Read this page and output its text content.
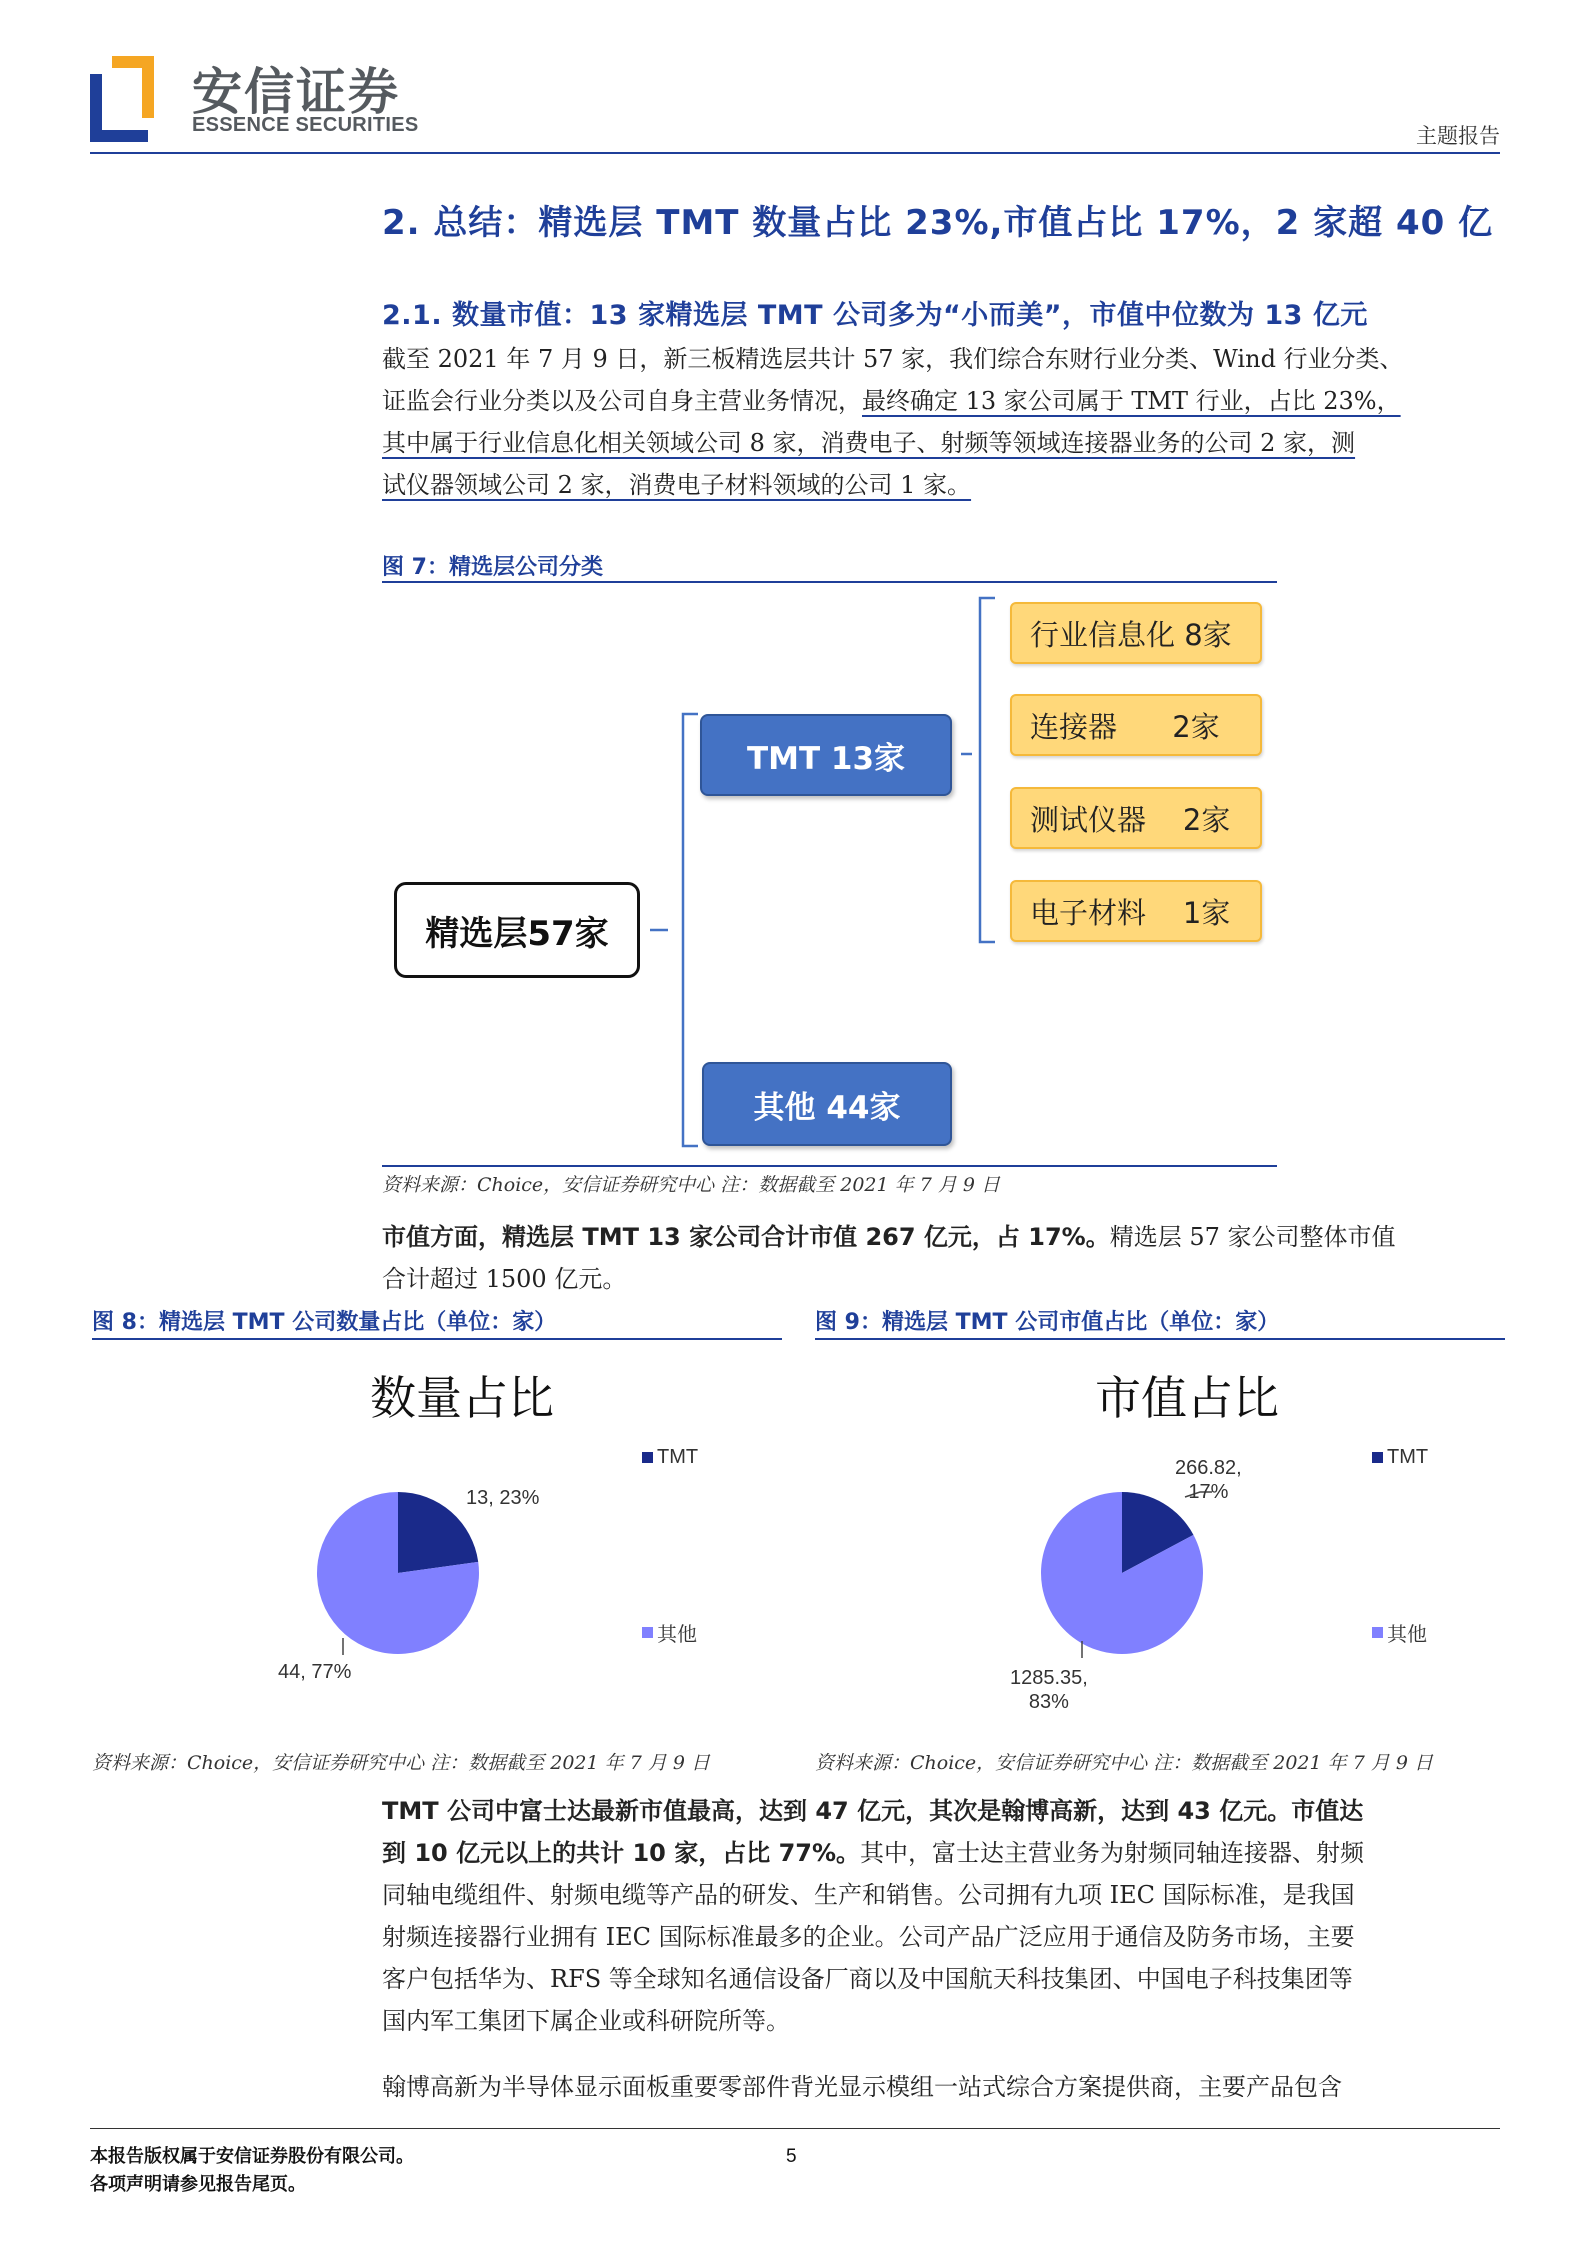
安信证券
ESSENCE SECURITIES	主题报告
2. 总结：精选层 TMT 数量占比 23%,市值占比 17%，2 家超 40 亿
2.1. 数量市值：13 家精选层 TMT 公司多为“小而美”，市值中位数为 13 亿元
截至 2021 年 7 月 9 日，新三板精选层共计 57 家，我们综合东财行业分类、Wind 行业分类、
证监会行业分类以及公司自身主营业务情况，最终确定 13 家公司属于 TMT 行业，占比 23%，
其中属于行业信息化相关领域公司 8 家，消费电子、射频等领域连接器业务的公司 2 家，测
试仪器领域公司 2 家，消费电子材料领域的公司 1 家。
图 7：精选层公司分类
精选层57家
TMT 13家
其他 44家
行业信息化 8家
连接器      2家
测试仪器    2家
电子材料    1家
资料来源：Choice，安信证券研究中心 注：数据截至 2021 年 7 月 9 日
市值方面，精选层 TMT 13 家公司合计市值 267 亿元，占 17%。精选层 57 家公司整体市值
合计超过 1500 亿元。
图 8：精选层 TMT 公司数量占比（单位：家）	图 9：精选层 TMT 公司市值占比（单位：家）
数量占比	市值占比
13, 23%
44, 77%
266.82,
17%
1285.35,
83%
TMT
其他
TMT
其他
资料来源：Choice，安信证券研究中心 注：数据截至 2021 年 7 月 9 日	资料来源：Choice，安信证券研究中心 注：数据截至 2021 年 7 月 9 日
TMT 公司中富士达最新市值最高，达到 47 亿元，其次是翰博高新，达到 43 亿元。市值达
到 10 亿元以上的共计 10 家，占比 77%。其中，富士达主营业务为射频同轴连接器、射频
同轴电缆组件、射频电缆等产品的研发、生产和销售。公司拥有九项 IEC 国际标准，是我国
射频连接器行业拥有 IEC 国际标准最多的企业。公司产品广泛应用于通信及防务市场，主要
客户包括华为、RFS 等全球知名通信设备厂商以及中国航天科技集团、中国电子科技集团等
国内军工集团下属企业或科研院所等。
翰博高新为半导体显示面板重要零部件背光显示模组一站式综合方案提供商，主要产品包含
本报告版权属于安信证券股份有限公司。
各项声明请参见报告尾页。
5
